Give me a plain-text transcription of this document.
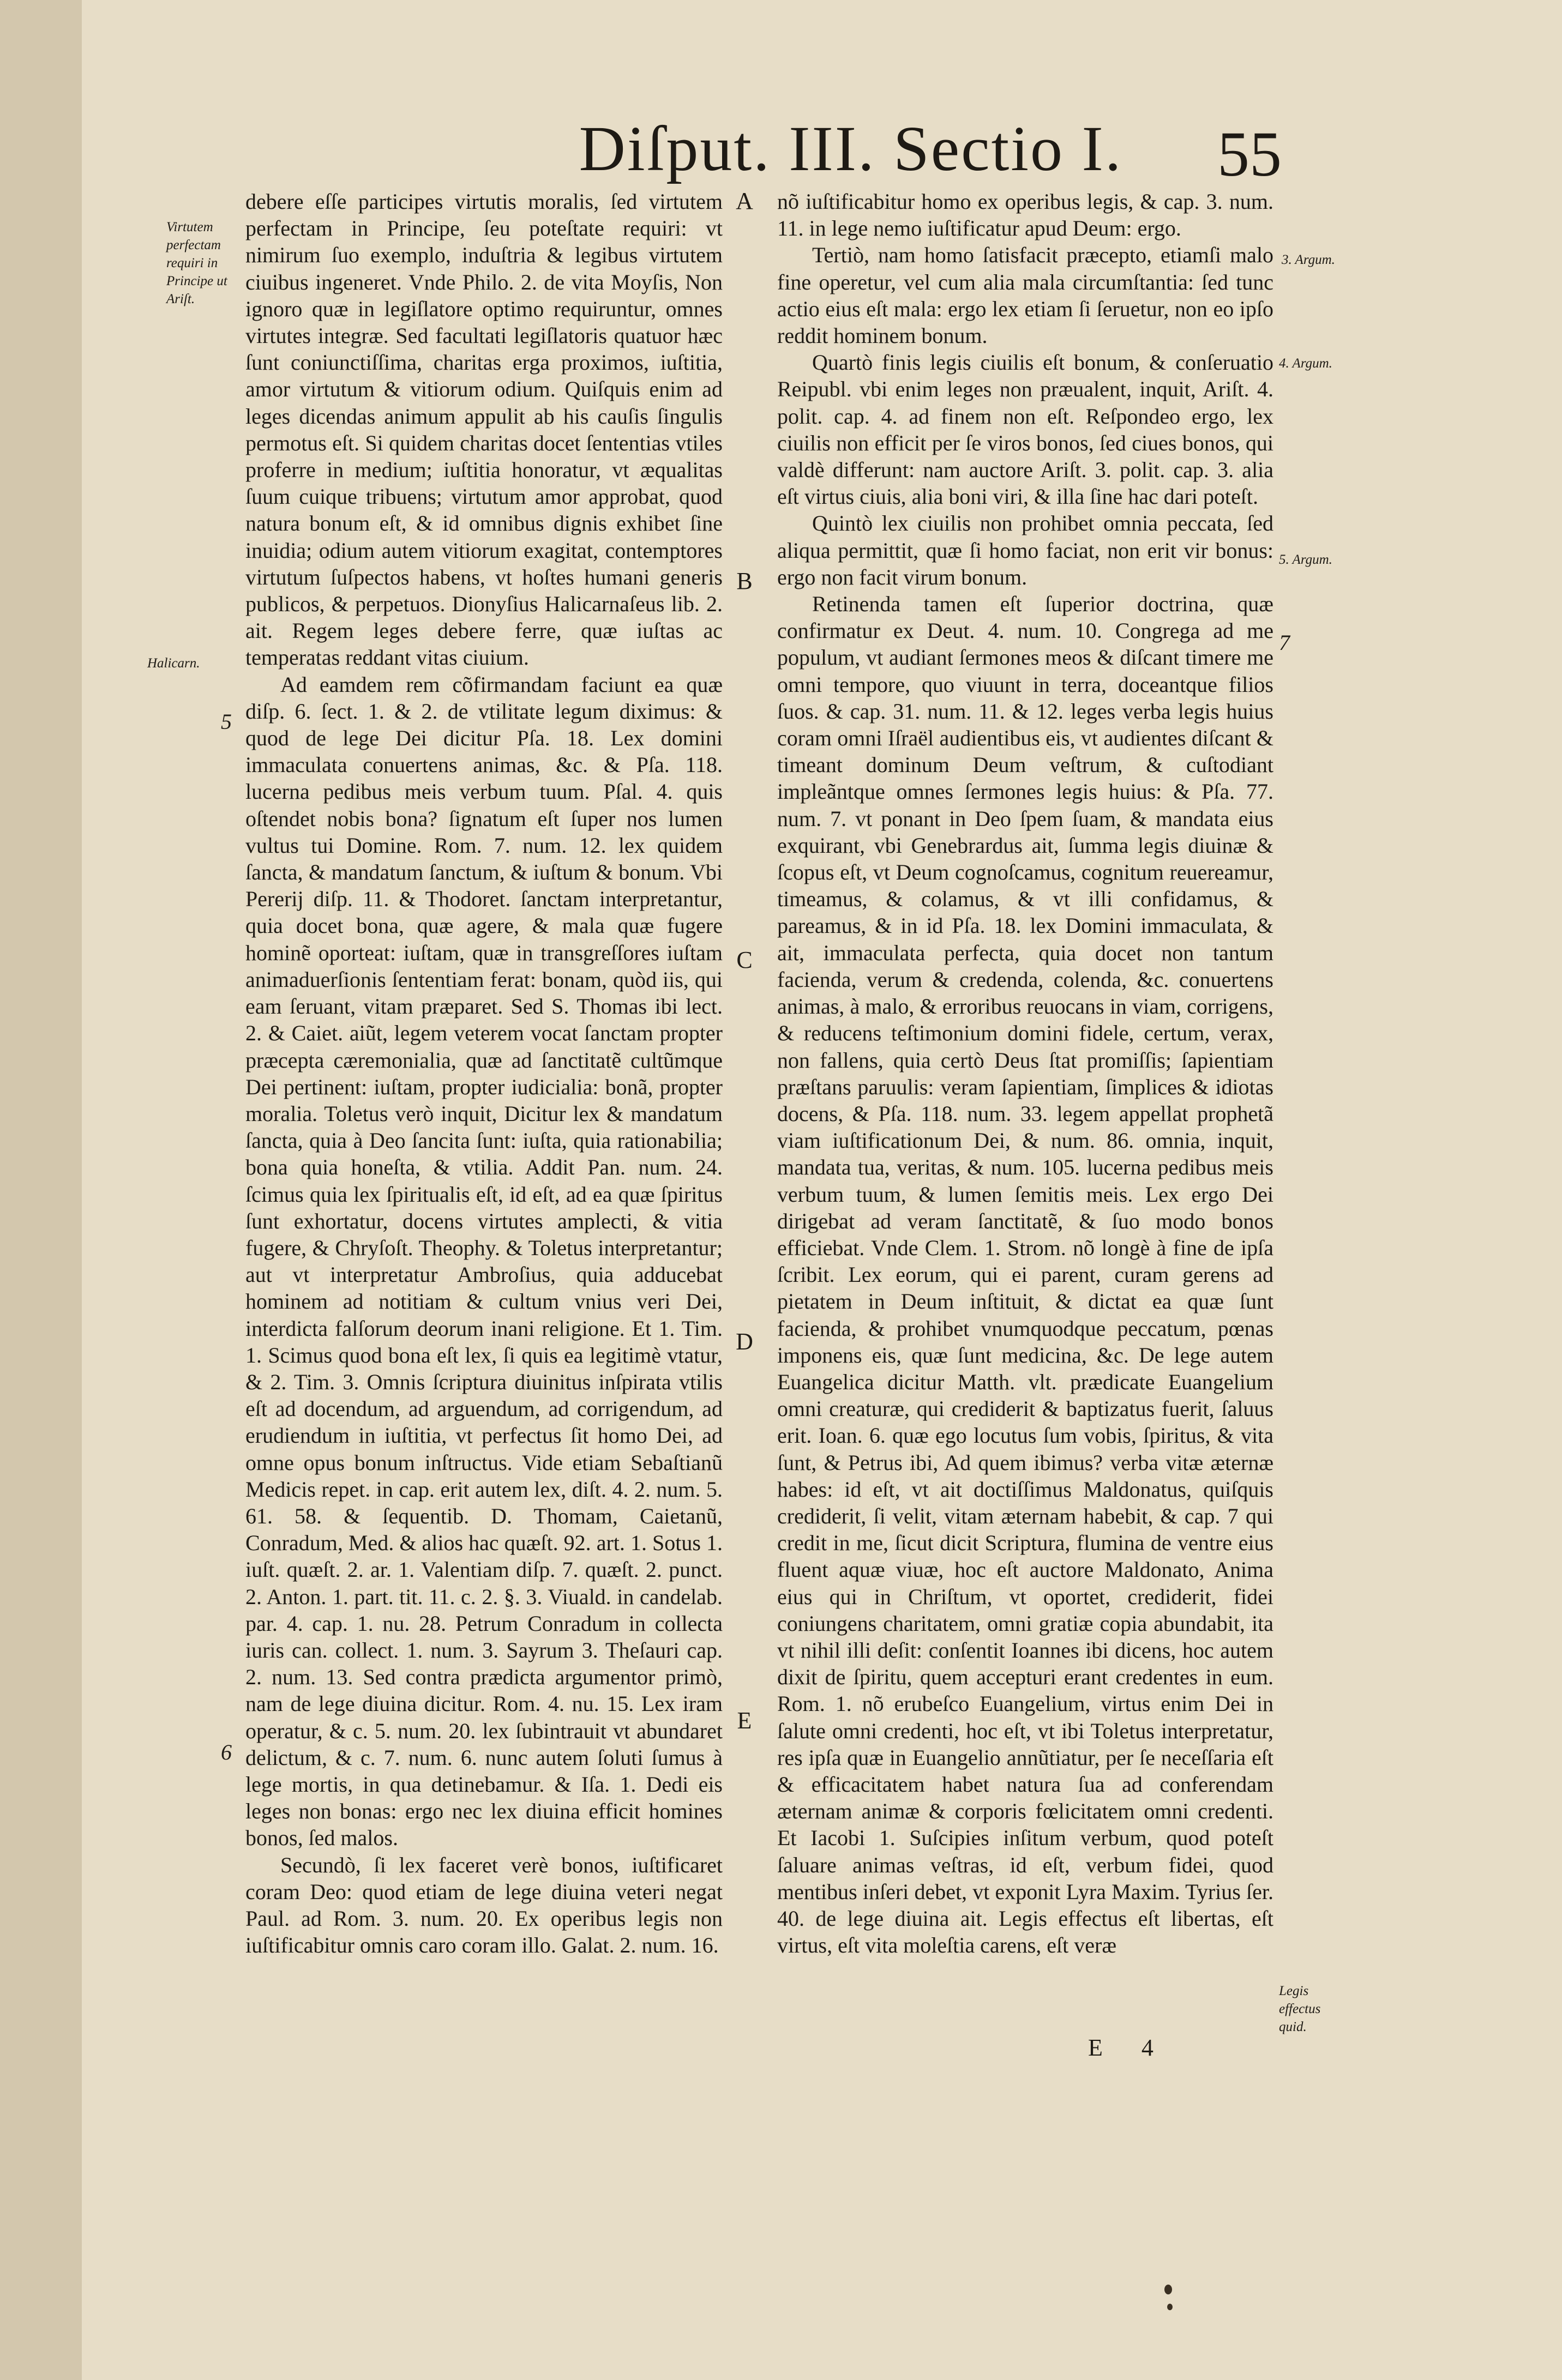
Diſput. III. Sectio I.	55
Virtutem perfectam requiri in Principe ut Ariſt.
Halicarn.
3. Argum.
4. Argum.
5. Argum.
Legis effectus quid.
A
B
C
D
E
5
6
7

debere eſſe participes virtutis moralis, ſed virtutem perfectam in Principe, ſeu poteſtate requiri: vt nimirum ſuo exemplo, induſtria & legibus virtutem ciuibus ingeneret. Vnde Philo. 2. de vita Moyſis, Non ignoro quæ in legiſlatore optimo requiruntur, omnes virtutes integræ. Sed facultati legiſlatoris quatuor hæc ſunt coniunctiſſima, charitas erga proximos, iuſtitia, amor virtutum & vitiorum odium. Quiſquis enim ad leges dicendas animum appulit ab his cauſis ſingulis permotus eſt. Si quidem charitas docet ſententias vtiles proferre in medium; iuſtitia honoratur, vt æqualitas ſuum cuique tribuens; virtutum amor approbat, quod natura bonum eſt, & id omnibus dignis exhibet ſine inuidia; odium autem vitiorum exagitat, contemptores virtutum ſuſpectos habens, vt hoſtes humani generis publicos, & perpetuos. Dionyſius Halicarnaſeus lib. 2. ait. Regem leges debere ferre, quæ iuſtas ac temperatas reddant vitas ciuium.

Ad eamdem rem cõfirmandam faciunt ea quæ diſp. 6. ſect. 1. & 2. de vtilitate legum diximus: & quod de lege Dei dicitur Pſa. 18. Lex domini immaculata conuertens animas, &c. & Pſa. 118. lucerna pedibus meis verbum tuum. Pſal. 4. quis oſtendet nobis bona? ſignatum eſt ſuper nos lumen vultus tui Domine. Rom. 7. num. 12. lex quidem ſancta, & mandatum ſanctum, & iuſtum & bonum. Vbi Pererij diſp. 11. & Thodoret. ſanctam interpretantur, quia docet bona, quæ agere, & mala quæ fugere hominẽ oporteat: iuſtam, quæ in transgreſſores iuſtam animaduerſionis ſententiam ferat: bonam, quòd iis, qui eam ſeruant, vitam præparet. Sed S. Thomas ibi lect. 2. & Caiet. aiũt, legem veterem vocat ſanctam propter præcepta cæremonialia, quæ ad ſanctitatẽ cultũmque Dei pertinent: iuſtam, propter iudicialia: bonã, propter moralia. Toletus verò inquit, Dicitur lex & mandatum ſancta, quia à Deo ſancita ſunt: iuſta, quia rationabilia; bona quia honeſta, & vtilia. Addit Pan. num. 24. ſcimus quia lex ſpiritualis eſt, id eſt, ad ea quæ ſpiritus ſunt exhortatur, docens virtutes amplecti, & vitia fugere, & Chryſoſt. Theophy. & Toletus interpretantur; aut vt interpretatur Ambroſius, quia adducebat hominem ad notitiam & cultum vnius veri Dei, interdicta falſorum deorum inani religione. Et 1. Tim. 1. Scimus quod bona eſt lex, ſi quis ea legitimè vtatur, & 2. Tim. 3. Omnis ſcriptura diuinitus inſpirata vtilis eſt ad docendum, ad arguendum, ad corrigendum, ad erudiendum in iuſtitia, vt perfectus ſit homo Dei, ad omne opus bonum inſtructus. Vide etiam Sebaſtianũ Medicis repet. in cap. erit autem lex, diſt. 4. 2. num. 5. 61. 58. & ſequentib. D. Thomam, Caietanũ, Conradum, Med. & alios hac quæſt. 92. art. 1. Sotus 1. iuſt. quæſt. 2. ar. 1. Valentiam diſp. 7. quæſt. 2. punct. 2. Anton. 1. part. tit. 11. c. 2. §. 3. Viuald. in candelab. par. 4. cap. 1. nu. 28. Petrum Conradum in collecta iuris can. collect. 1. num. 3. Sayrum 3. Theſauri cap. 2. num. 13. Sed contra prædicta argumentor primò, nam de lege diuina dicitur. Rom. 4. nu. 15. Lex iram operatur, & c. 5. num. 20. lex ſubintrauit vt abundaret delictum, & c. 7. num. 6. nunc autem ſoluti ſumus à lege mortis, in qua detinebamur. & Iſa. 1. Dedi eis leges non bonas: ergo nec lex diuina efficit homines bonos, ſed malos.

Secundò, ſi lex faceret verè bonos, iuſtificaret coram Deo: quod etiam de lege diuina veteri negat Paul. ad Rom. 3. num. 20. Ex operibus legis non iuſtificabitur omnis caro coram illo. Galat. 2. num. 16.

nõ iuſtificabitur homo ex operibus legis, & cap. 3. num. 11. in lege nemo iuſtificatur apud Deum: ergo.

Tertiò, nam homo ſatisfacit præcepto, etiamſi malo fine operetur, vel cum alia mala circumſtantia: ſed tunc actio eius eſt mala: ergo lex etiam ſi ſeruetur, non eo ipſo reddit hominem bonum.

Quartò finis legis ciuilis eſt bonum, & conſeruatio Reipubl. vbi enim leges non præualent, inquit, Ariſt. 4. polit. cap. 4. ad finem non eſt. Reſpondeo ergo, lex ciuilis non efficit per ſe viros bonos, ſed ciues bonos, qui valdè differunt: nam auctore Ariſt. 3. polit. cap. 3. alia eſt virtus ciuis, alia boni viri, & illa ſine hac dari poteſt.

Quintò lex ciuilis non prohibet omnia peccata, ſed aliqua permittit, quæ ſi homo faciat, non erit vir bonus: ergo non facit virum bonum.

Retinenda tamen eſt ſuperior doctrina, quæ confirmatur ex Deut. 4. num. 10. Congrega ad me populum, vt audiant ſermones meos & diſcant timere me omni tempore, quo viuunt in terra, doceantque filios ſuos. & cap. 31. num. 11. & 12. leges verba legis huius coram omni Iſraël audientibus eis, vt audientes diſcant & timeant dominum Deum veſtrum, & cuſtodiant impleãntque omnes ſermones legis huius: & Pſa. 77. num. 7. vt ponant in Deo ſpem ſuam, & mandata eius exquirant, vbi Genebrardus ait, ſumma legis diuinæ & ſcopus eſt, vt Deum cognoſcamus, cognitum reuereamur, timeamus, & colamus, & vt illi confidamus, & pareamus, & in id Pſa. 18. lex Domini immaculata, & ait, immaculata perfecta, quia docet non tantum facienda, verum & credenda, colenda, &c. conuertens animas, à malo, & erroribus reuocans in viam, corrigens, & reducens teſtimonium domini fidele, certum, verax, non fallens, quia certò Deus ſtat promiſſis; ſapientiam præſtans paruulis: veram ſapientiam, ſimplices & idiotas docens, & Pſa. 118. num. 33. legem appellat prophetã viam iuſtificationum Dei, & num. 86. omnia, inquit, mandata tua, veritas, & num. 105. lucerna pedibus meis verbum tuum, & lumen ſemitis meis. Lex ergo Dei dirigebat ad veram ſanctitatẽ, & ſuo modo bonos efficiebat. Vnde Clem. 1. Strom. nõ longè à fine de ipſa ſcribit. Lex eorum, qui ei parent, curam gerens ad pietatem in Deum inſtituit, & dictat ea quæ ſunt facienda, & prohibet vnumquodque peccatum, pœnas imponens eis, quæ ſunt medicina, &c. De lege autem Euangelica dicitur Matth. vlt. prædicate Euangelium omni creaturæ, qui crediderit & baptizatus fuerit, ſaluus erit. Ioan. 6. quæ ego locutus ſum vobis, ſpiritus, & vita ſunt, & Petrus ibi, Ad quem ibimus? verba vitæ æternæ habes: id eſt, vt ait doctiſſimus Maldonatus, quiſquis crediderit, ſi velit, vitam æternam habebit, & cap. 7 qui credit in me, ſicut dicit Scriptura, flumina de ventre eius fluent aquæ viuæ, hoc eſt auctore Maldonato, Anima eius qui in Chriſtum, vt oportet, crediderit, fidei coniungens charitatem, omni gratiæ copia abundabit, ita vt nihil illi deſit: conſentit Ioannes ibi dicens, hoc autem dixit de ſpiritu, quem accepturi erant credentes in eum. Rom. 1. nõ erubeſco Euangelium, virtus enim Dei in ſalute omni credenti, hoc eſt, vt ibi Toletus interpretatur, res ipſa quæ in Euangelio annũtiatur, per ſe neceſſaria eſt & efficacitatem habet natura ſua ad conferendam æternam animæ & corporis fœlicitatem omni credenti. Et Iacobi 1. Suſcipies inſitum verbum, quod poteſt ſaluare animas veſtras, id eſt, verbum fidei, quod mentibus inſeri debet, vt exponit Lyra Maxim. Tyrius ſer. 40. de lege diuina ait. Legis effectus eſt libertas, eſt virtus, eſt vita moleſtia carens, eſt veræ

E 4
